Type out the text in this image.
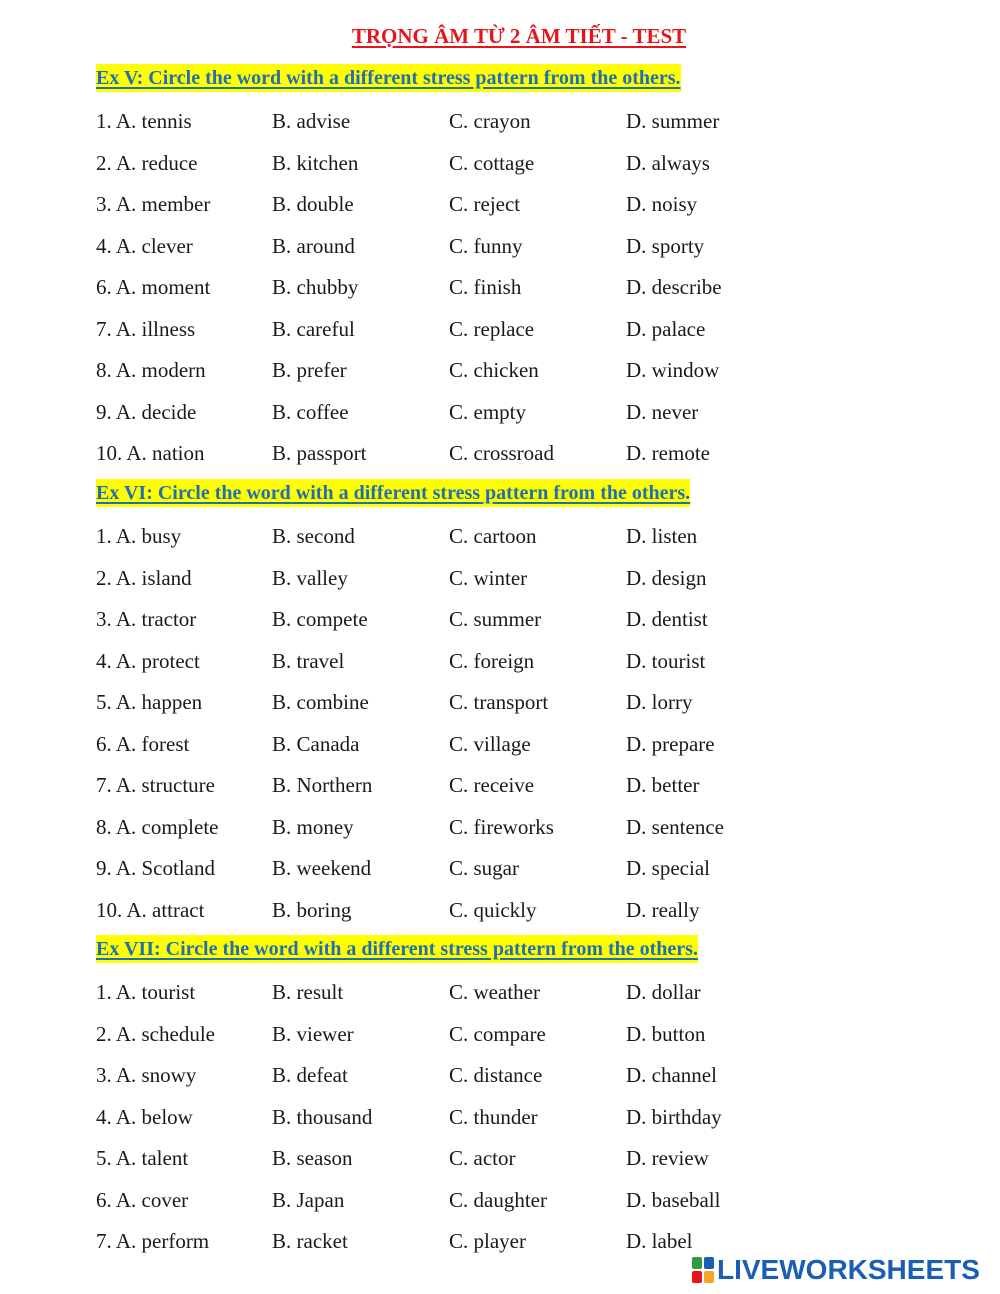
TRỌNG ÂM TỪ 2 ÂM TIẾT - TEST
Ex V: Circle the word with a different stress pattern from the others.
1. A. tennis	B. advise	C. crayon	D. summer
2. A. reduce	B. kitchen	C. cottage	D. always
3. A. member	B. double	C. reject	D. noisy
4. A. clever	B. around	C. funny	D. sporty
6. A. moment	B. chubby	C. finish	D. describe
7. A. illness	B. careful	C. replace	D. palace
8. A. modern	B. prefer	C. chicken	D. window
9. A. decide	B. coffee	C. empty	D. never
10. A. nation	B. passport	C. crossroad	D. remote
Ex VI: Circle the word with a different stress pattern from the others.
1. A. busy	B. second	C. cartoon	D. listen
2. A. island	B. valley	C. winter	D. design
3. A. tractor	B. compete	C. summer	D. dentist
4. A. protect	B. travel	C. foreign	D. tourist
5. A. happen	B. combine	C. transport	D. lorry
6. A. forest	B. Canada	C. village	D. prepare
7. A. structure	B. Northern	C. receive	D. better
8. A. complete	B. money	C. fireworks	D. sentence
9. A. Scotland	B. weekend	C. sugar	D. special
10. A. attract	B. boring	C. quickly	D. really
Ex VII: Circle the word with a different stress pattern from the others.
1. A. tourist	B. result	C. weather	D. dollar
2. A. schedule	B. viewer	C. compare	D. button
3. A. snowy	B. defeat	C. distance	D. channel
4. A. below	B. thousand	C. thunder	D. birthday
5. A. talent	B. season	C. actor	D. review
6. A. cover	B. Japan	C. daughter	D. baseball
7. A. perform	B. racket	C. player	D. label
LIVEWORKSHEETS
